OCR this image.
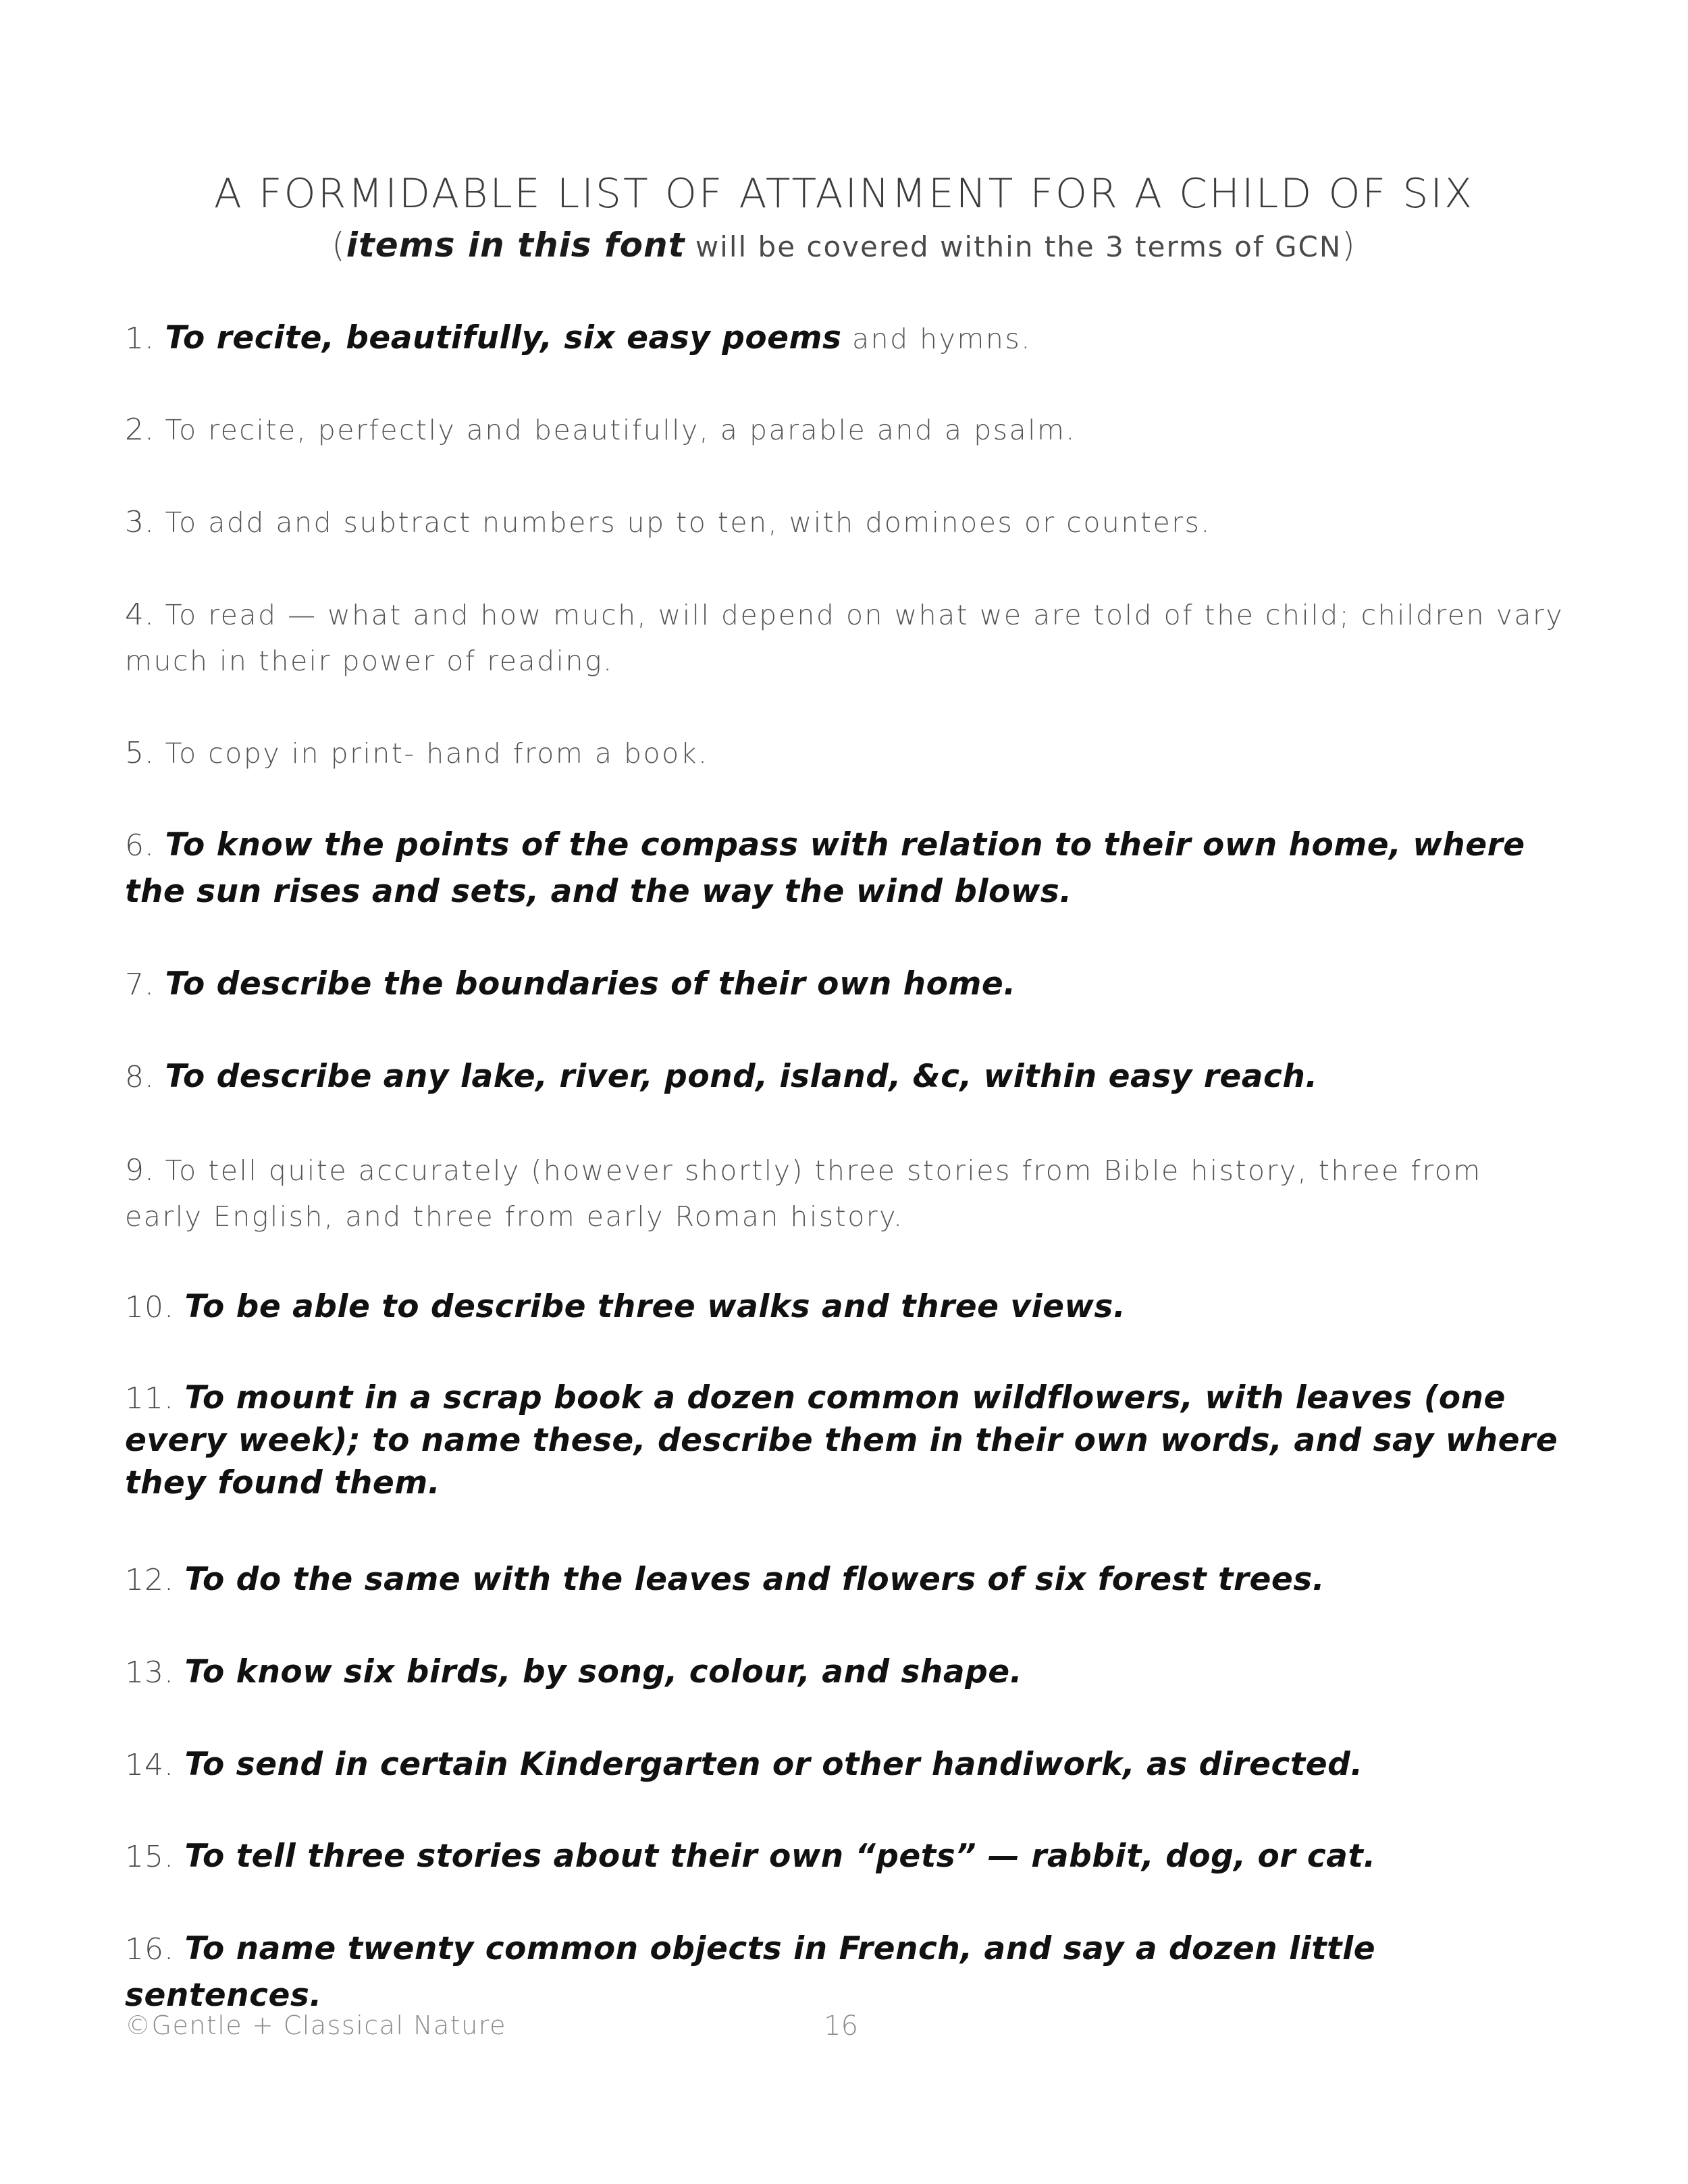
A FORMIDABLE LIST OF ATTAINMENT FOR A CHILD OF SIX
(items in this font will be covered within the 3 terms of GCN)
1. To recite, beautifully, six easy poems and hymns.
2. To recite, perfectly and beautifully, a parable and a psalm.
3. To add and subtract numbers up to ten, with dominoes or counters.
4. To read — what and how much, will depend on what we are told of the child; children vary much in their power of reading.
5. To copy in print- hand from a book.
6. To know the points of the compass with relation to their own home, where the sun rises and sets, and the way the wind blows.
7. To describe the boundaries of their own home.
8. To describe any lake, river, pond, island, &c, within easy reach.
9. To tell quite accurately (however shortly) three stories from Bible history, three from early English, and three from early Roman history.
10. To be able to describe three walks and three views.
11. To mount in a scrap book a dozen common wildflowers, with leaves (one every week); to name these, describe them in their own words, and say where they found them.
12. To do the same with the leaves and flowers of six forest trees.
13. To know six birds, by song, colour, and shape.
14. To send in certain Kindergarten or other handiwork, as directed.
15. To tell three stories about their own “pets” — rabbit, dog, or cat.
16. To name twenty common objects in French, and say a dozen little sentences.
©Gentle + Classical Nature	16
